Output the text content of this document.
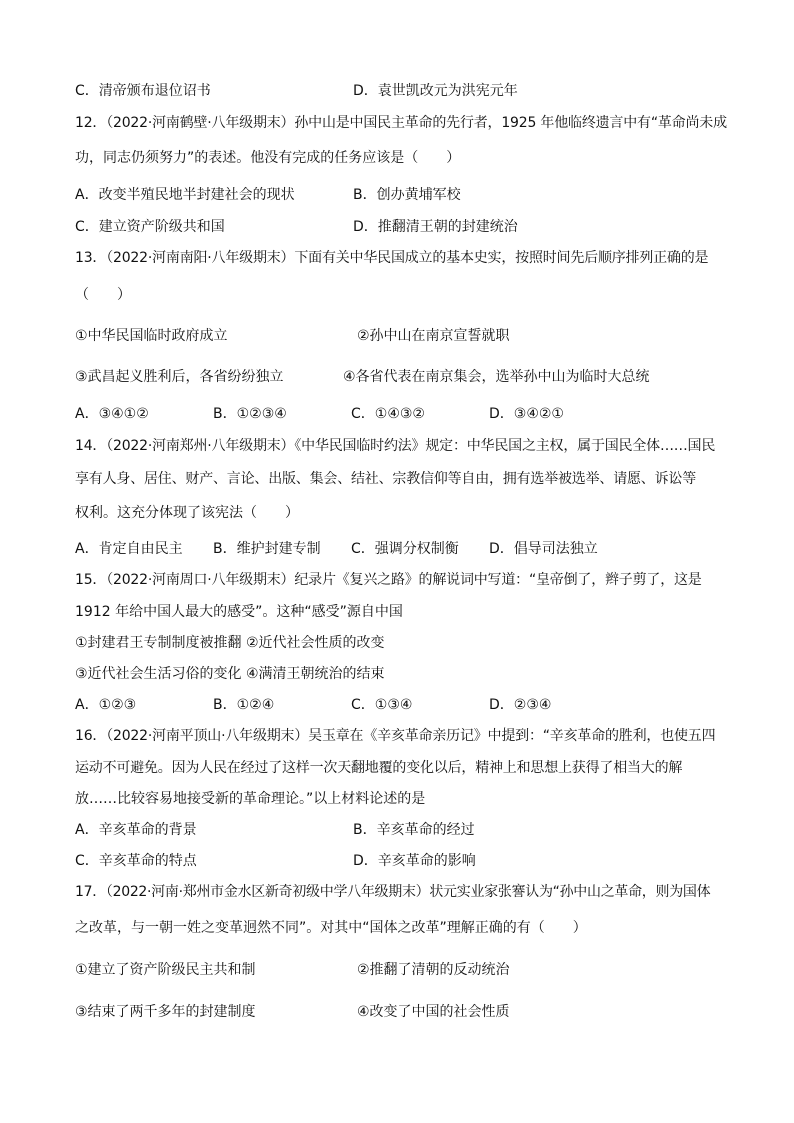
C．清帝颁布退位诏书	D．袁世凯改元为洪宪元年
12．（2022·河南鹤壁·八年级期末）孙中山是中国民主革命的先行者，1925 年他临终遗言中有“革命尚未成
功，同志仍须努力”的表述。他没有完成的任务应该是（　　）
A．改变半殖民地半封建社会的现状	B．创办黄埔军校
C．建立资产阶级共和国	D．推翻清王朝的封建统治
13．（2022·河南南阳·八年级期末）下面有关中华民国成立的基本史实，按照时间先后顺序排列正确的是
（　　）
①中华民国临时政府成立	②孙中山在南京宣誓就职
③武昌起义胜利后，各省纷纷独立	④各省代表在南京集会，选举孙中山为临时大总统
A．③④①②	B．①②③④	C．①④③②	D．③④②①
14．（2022·河南郑州·八年级期末）《中华民国临时约法》规定：中华民国之主权，属于国民全体……国民
享有人身、居住、财产、言论、出版、集会、结社、宗教信仰等自由，拥有选举被选举、请愿、诉讼等
权利。这充分体现了该宪法（　　）
A．肯定自由民主 B．维护封建专制 C．强调分权制衡 D．倡导司法独立
15．（2022·河南周口·八年级期末）纪录片《复兴之路》的解说词中写道：“皇帝倒了，辫子剪了，这是
1912 年给中国人最大的感受”。这种“感受”源自中国
①封建君王专制制度被推翻 ②近代社会性质的改变
③近代社会生活习俗的变化 ④满清王朝统治的结束
A．①②③	B．①②④	C．①③④	D．②③④
16．（2022·河南平顶山·八年级期末）吴玉章在《辛亥革命亲历记》中提到：“辛亥革命的胜利，也使五四
运动不可避免。因为人民在经过了这样一次天翻地覆的变化以后，精神上和思想上获得了相当大的解
放……比较容易地接受新的革命理论。”以上材料论述的是
A．辛亥革命的背景	B．辛亥革命的经过
C．辛亥革命的特点	D．辛亥革命的影响
17．（2022·河南·郑州市金水区新奇初级中学八年级期末）状元实业家张謇认为“孙中山之革命，则为国体
之改革，与一朝一姓之变革迥然不同”。对其中“国体之改革”理解正确的有（　　）
①建立了资产阶级民主共和制	②推翻了清朝的反动统治
③结束了两千多年的封建制度	④改变了中国的社会性质
